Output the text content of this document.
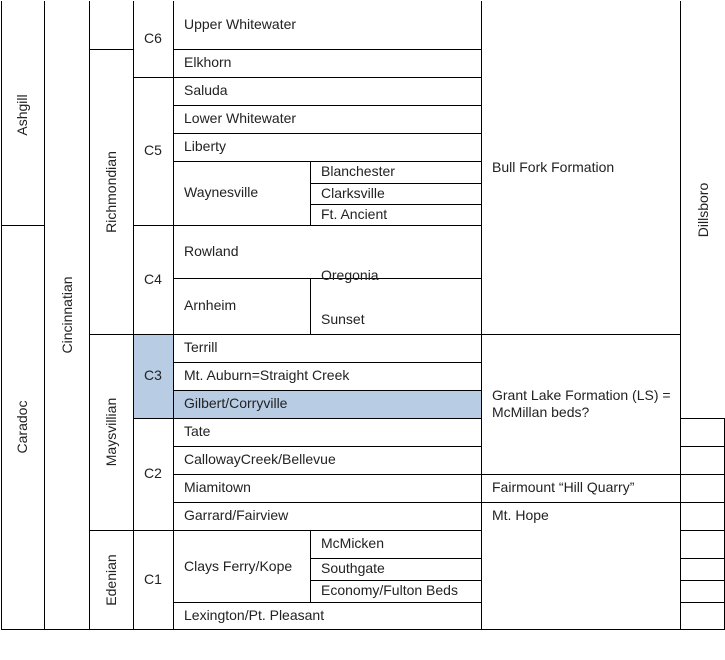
Ashgill
Caradoc
Cincinnatian
Richmondian
Maysvillian
Edenian
Dillsboro
C6
C5
C4
C3
C2
C1
Upper Whitewater
Elkhorn
Saluda
Lower Whitewater
Liberty
Waynesville
Rowland
Arnheim
Terrill
Mt. Auburn=Straight Creek
Gilbert/Corryville
Tate
CallowayCreek/Bellevue
Miamitown
Garrard/Fairview
Clays Ferry/Kope
Lexington/Pt. Pleasant
Blanchester
Clarksville
Ft. Ancient
Oregonia
Sunset
McMicken
Southgate
Economy/Fulton Beds
Bull Fork Formation
Grant Lake Formation (LS) = McMillan beds?
Fairmount “Hill Quarry”
Mt. Hope
